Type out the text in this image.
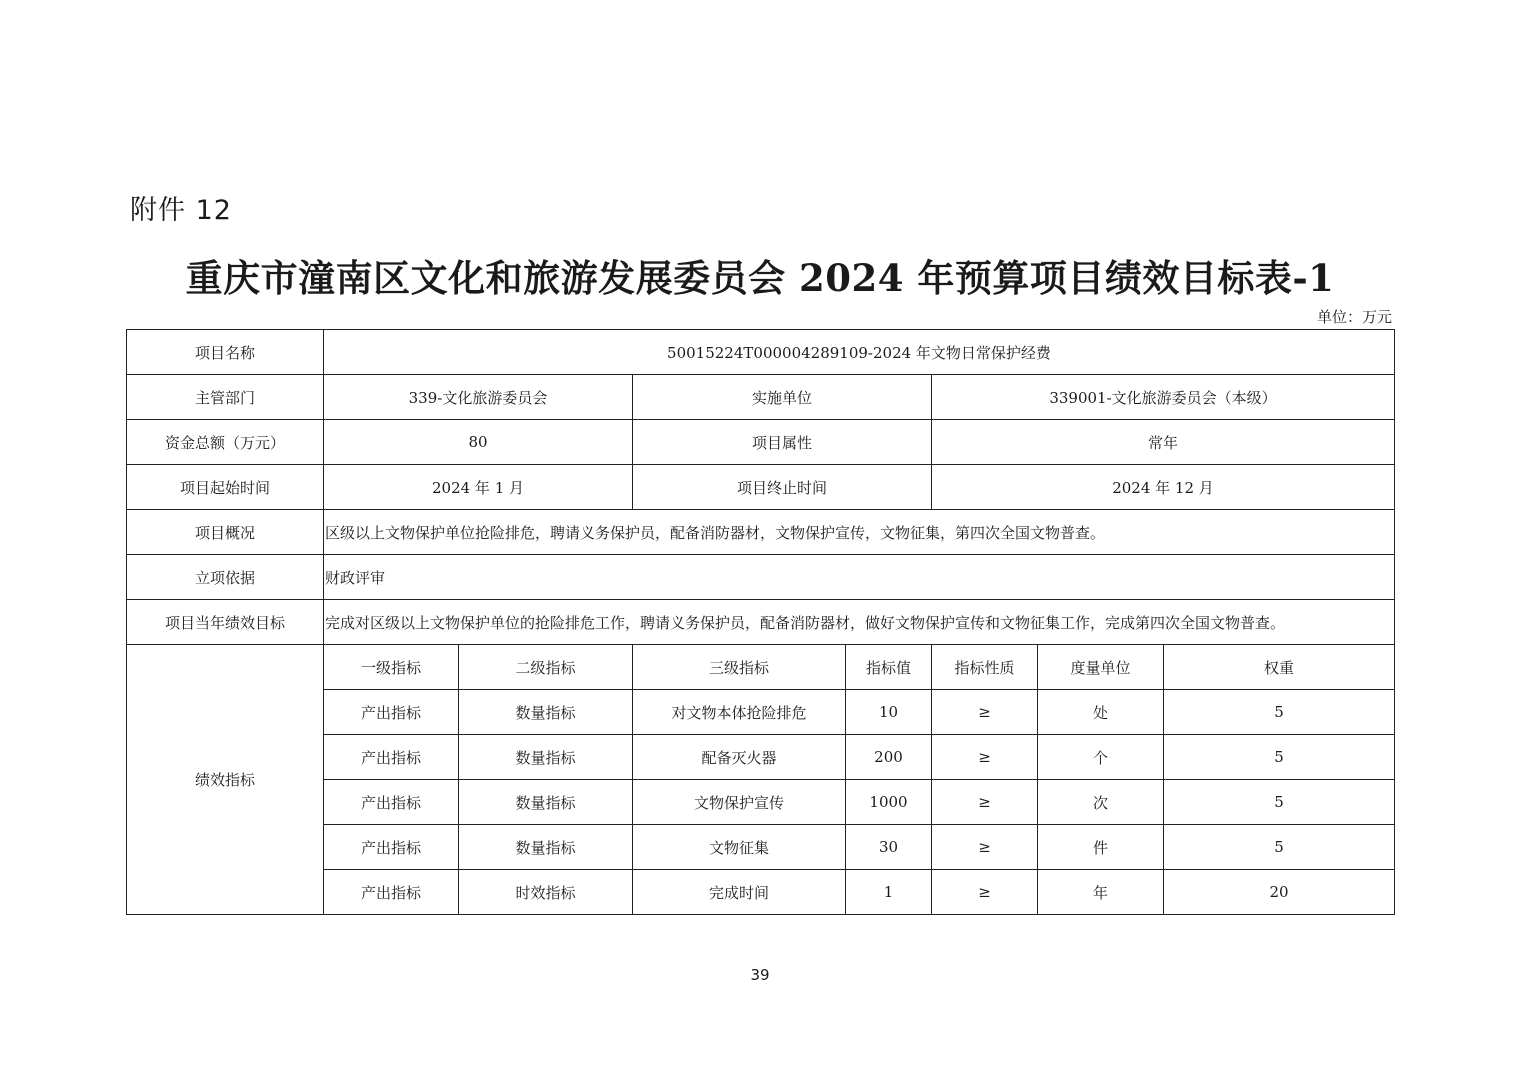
附件 12
重庆市潼南区文化和旅游发展委员会 2024 年预算项目绩效目标表-1
单位：万元
项目名称	50015224T000004289109-2024 年文物日常保护经费						
主管部门	339-文化旅游委员会		实施单位		339001-文化旅游委员会（本级）		
资金总额（万元）	80		项目属性		常年		
项目起始时间	2024 年 1 月		项目终止时间		2024 年 12 月		
项目概况	区级以上文物保护单位抢险排危，聘请义务保护员，配备消防器材，文物保护宣传，文物征集，第四次全国文物普查。						
立项依据	财政评审						
项目当年绩效目标	完成对区级以上文物保护单位的抢险排危工作，聘请义务保护员，配备消防器材，做好文物保护宣传和文物征集工作，完成第四次全国文物普查。						
绩效指标	一级指标	二级指标	三级指标	指标值	指标性质	度量单位	权重
	产出指标	数量指标	对文物本体抢险排危	10	≥	处	5
	产出指标	数量指标	配备灭火器	200	≥	个	5
	产出指标	数量指标	文物保护宣传	1000	≥	次	5
	产出指标	数量指标	文物征集	30	≥	件	5
	产出指标	时效指标	完成时间	1	≥	年	20
39
